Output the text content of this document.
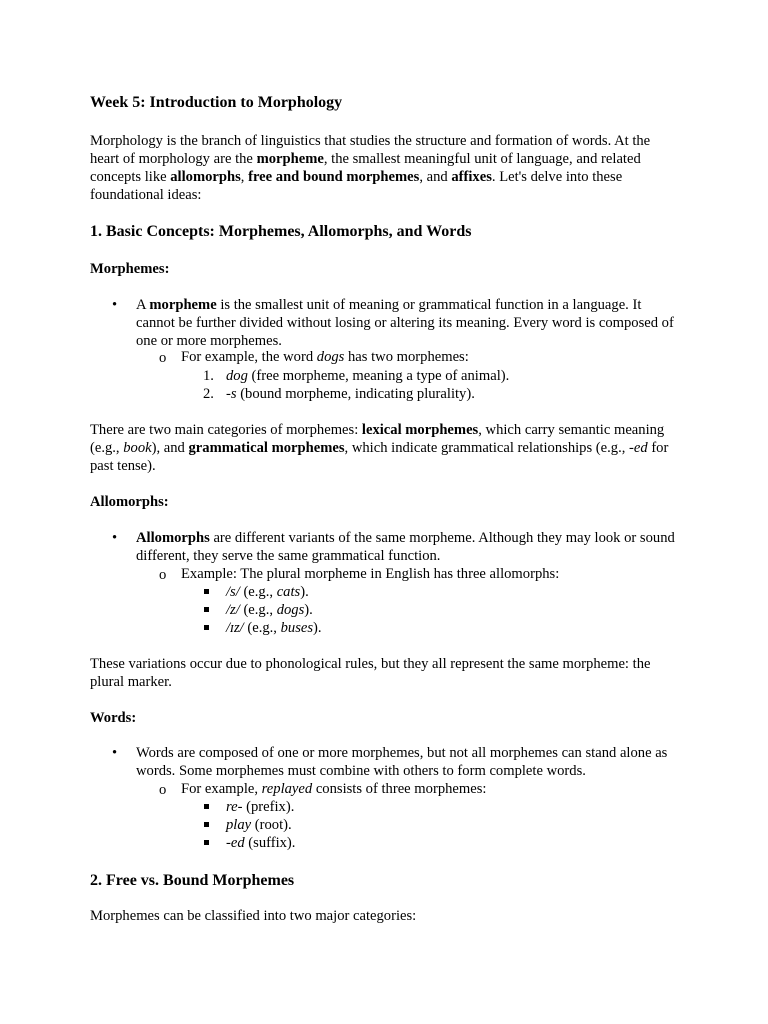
Week 5: Introduction to Morphology

Morphology is the branch of linguistics that studies the structure and formation of words. At the heart of morphology are the morpheme, the smallest meaningful unit of language, and related concepts like allomorphs, free and bound morphemes, and affixes. Let's delve into these foundational ideas:

1. Basic Concepts: Morphemes, Allomorphs, and Words
Morphemes:
• A morpheme is the smallest unit of meaning or grammatical function in a language. It cannot be further divided without losing or altering its meaning. Every word is composed of one or more morphemes.

o For example, the word dogs has two morphemes:

1. dog (free morpheme, meaning a type of animal).

2. -s (bound morpheme, indicating plurality).

There are two main categories of morphemes: lexical morphemes, which carry semantic meaning (e.g., book), and grammatical morphemes, which indicate grammatical relationships (e.g., -ed for past tense).

Allomorphs:
• Allomorphs are different variants of the same morpheme. Although they may look or sound different, they serve the same grammatical function.

o Example: The plural morpheme in English has three allomorphs:

/s/ (e.g., cats).

/z/ (e.g., dogs).

/ɪz/ (e.g., buses).

These variations occur due to phonological rules, but they all represent the same morpheme: the plural marker.

Words:
• Words are composed of one or more morphemes, but not all morphemes can stand alone as words. Some morphemes must combine with others to form complete words.

o For example, replayed consists of three morphemes:

re- (prefix).

play (root).

-ed (suffix).

2. Free vs. Bound Morphemes

Morphemes can be classified into two major categories:
